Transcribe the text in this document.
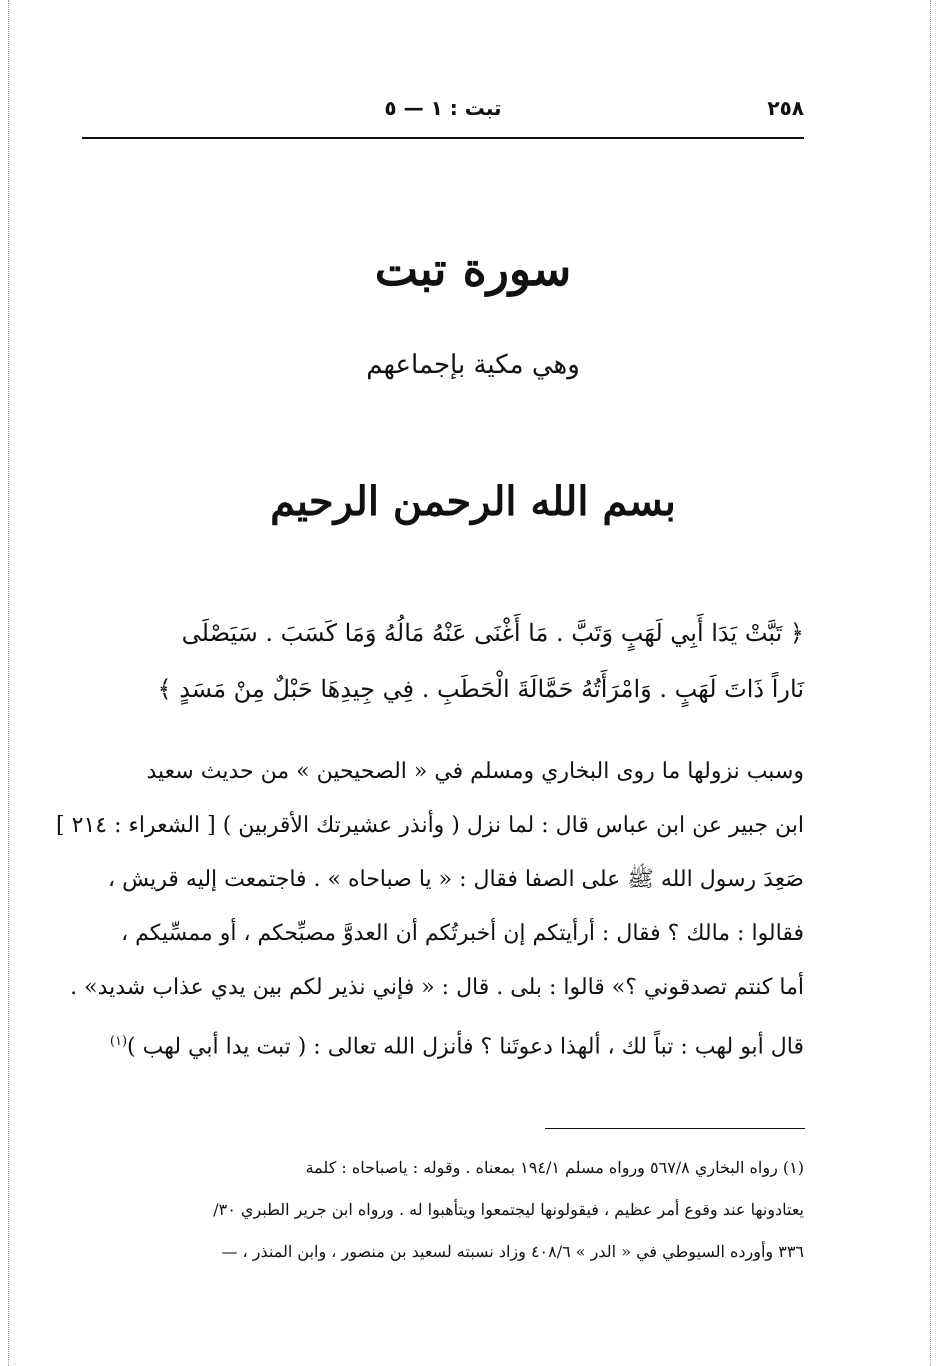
٢٥٨
تبت : ١ — ٥
سورة تبت
وهي مكية بإجماعهم
بسم الله الرحمن الرحيم
﴿ تَبَّتْ يَدَا أَبِي لَهَبٍ وَتَبَّ . مَا أَغْنَى عَنْهُ مَالُهُ وَمَا كَسَبَ . سَيَصْلَى
نَاراً ذَاتَ لَهَبٍ . وَامْرَأَتُهُ حَمَّالَةَ الْحَطَبِ . فِي جِيدِهَا حَبْلٌ مِنْ مَسَدٍ ﴾
وسبب نزولها ما روى البخاري ومسلم في « الصحيحين » من حديث سعيد
ابن جبير عن ابن عباس قال : لما نزل ( وأنذر عشيرتك الأقربين ) [ الشعراء : ٢١٤ ]
صَعِدَ رسول الله ﷺ على الصفا فقال : « يا صباحاه » . فاجتمعت إليه قريش ،
فقالوا : مالك ؟ فقال : أرأيتكم إن أخبرتُكم أن العدوَّ مصبِّحكم ، أو ممسِّيكم ،
أما كنتم تصدقوني ؟» قالوا : بلى . قال : « فإني نذير لكم بين يدي عذاب شديد» .
قال أبو لهب : تباً لك ، ألهذا دعوتَنا ؟ فأنزل الله تعالى : ( تبت يدا أبي لهب )$^{(١)}$
(١) رواه البخاري ٥٦٧/٨ ورواه مسلم ١٩٤/١ بمعناه . وقوله : ياصباحاه : كلمة
يعتادونها عند وقوع أمر عظيم ، فيقولونها ليجتمعوا ويتأهبوا له . ورواه ابن جرير الطبري ٣٠/
٣٣٦ وأورده السيوطي في « الدر » ٤٠٨/٦ وزاد نسبته لسعيد بن منصور ، وابن المنذر ، —
